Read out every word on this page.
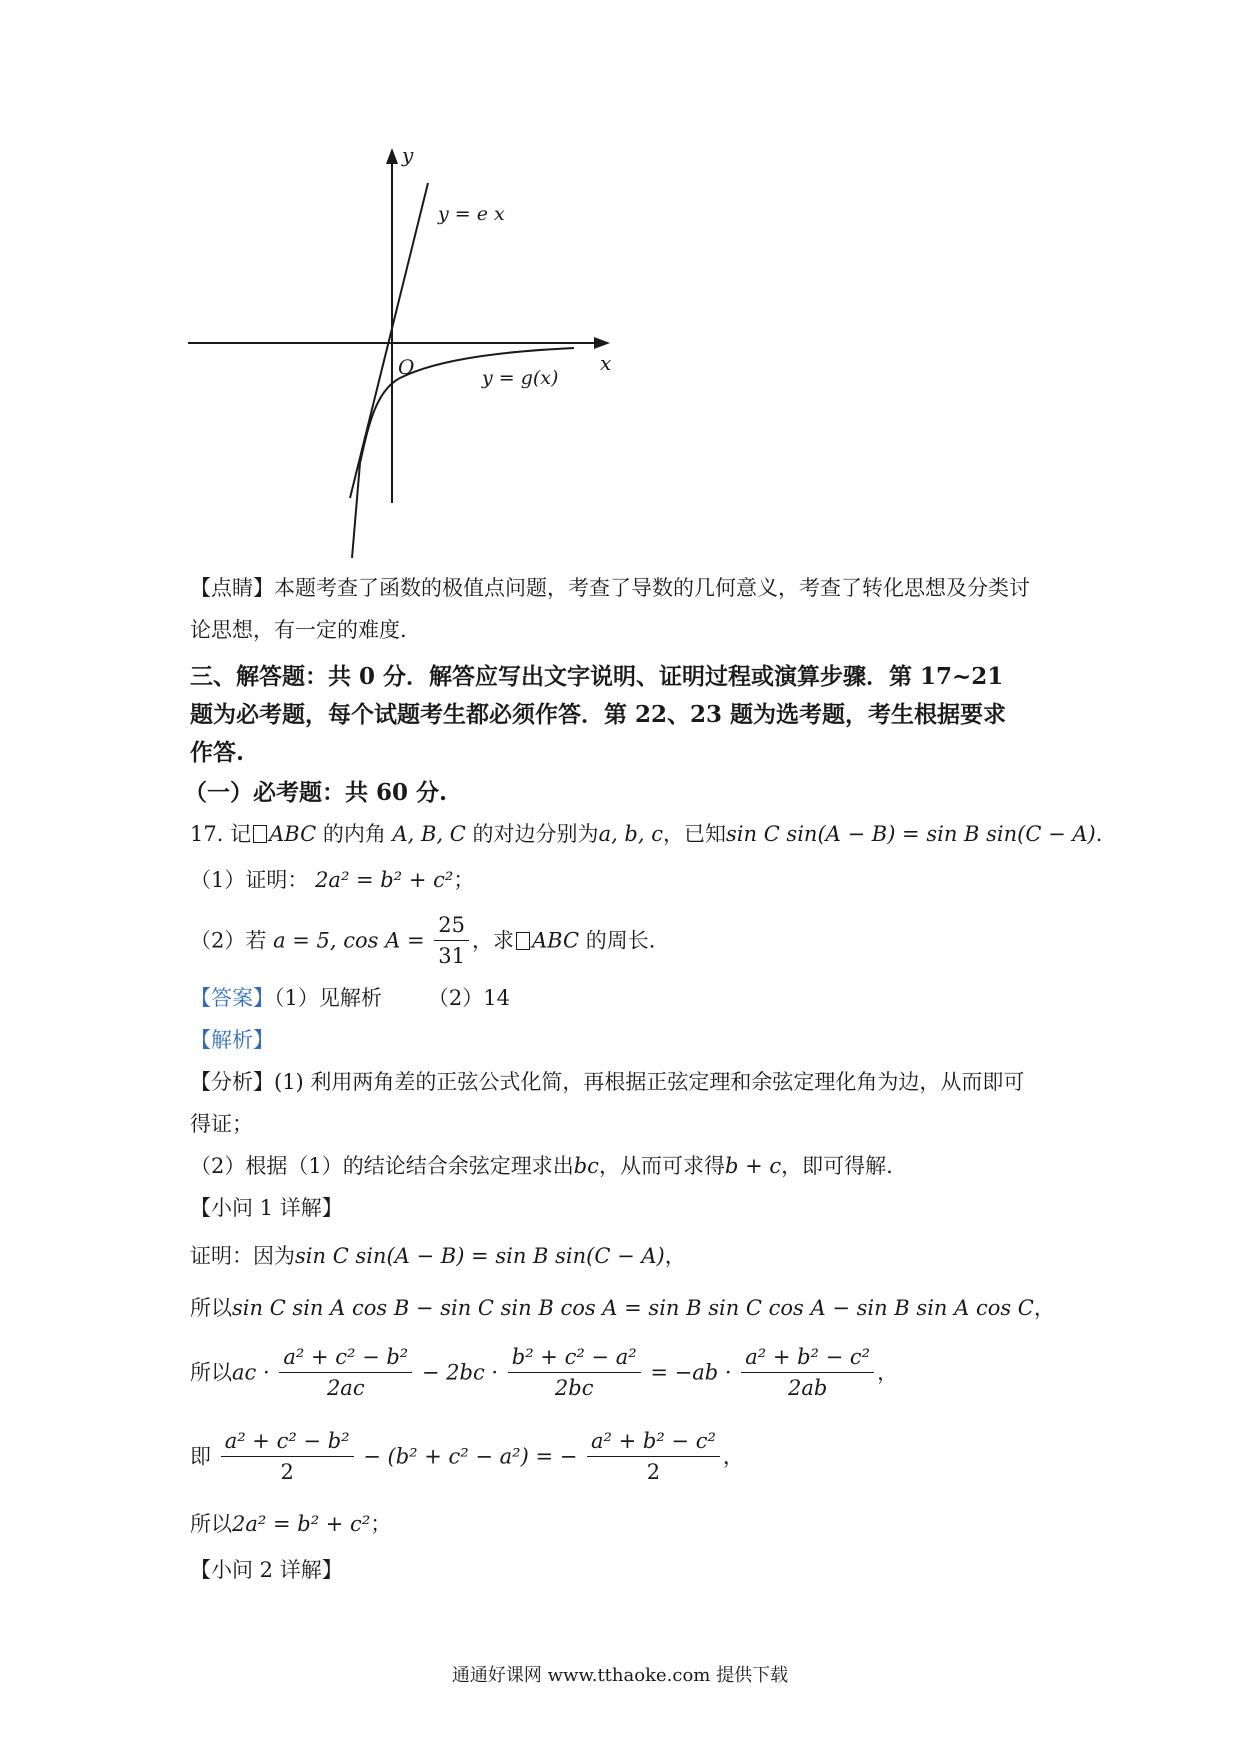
y
x
O
y = e x
y = g(x)
【点睛】本题考查了函数的极值点问题，考查了导数的几何意义，考查了转化思想及分类讨
论思想，有一定的难度.
三、解答题：共 0 分．解答应写出文字说明、证明过程或演算步骤．第 17~21
题为必考题，每个试题考生都必须作答．第 22、23 题为选考题，考生根据要求
作答.
（一）必考题：共 60 分.
17. 记 ABC 的内角 A, B, C 的对边分别为a, b, c，已知sin C sin(A − B) = sin B sin(C − A).
（1）证明： 2a² = b² + c²；
（2）若 a = 5, $\cos A = \frac{25}{31}$ ，求 ABC 的周长.
【答案】（1）见解析 （2）14
【解析】
【分析】(1) 利用两角差的正弦公式化简，再根据正弦定理和余弦定理化角为边，从而即可
得证；
（2）根据（1）的结论结合余弦定理求出bc，从而可求得b + c，即可得解.
【小问 1 详解】
证明：因为sin C sin(A − B) = sin B sin(C − A)，
所以sin C sin A cos B − sin C sin B cos A = sin B sin C cos A − sin B sin A cos C，
所以ac · $\frac{\text{a² + c² − b²}}{2ac} - 2bc \cdot \frac{\text{b² + c² − a²}}{2bc} = -ab \cdot \frac{\text{a² + b² − c²}}{2ab}$ ，
即 $\frac{\text{a² + c² − b²}}{2} - (b^2 + c^2 - a^2)$ = − $\frac{\text{a² + b² − c²}}{2}$ ，
所以2a² = b² + c²；
【小问 2 详解】
通通好课网 www.tthaoke.com 提供下载
